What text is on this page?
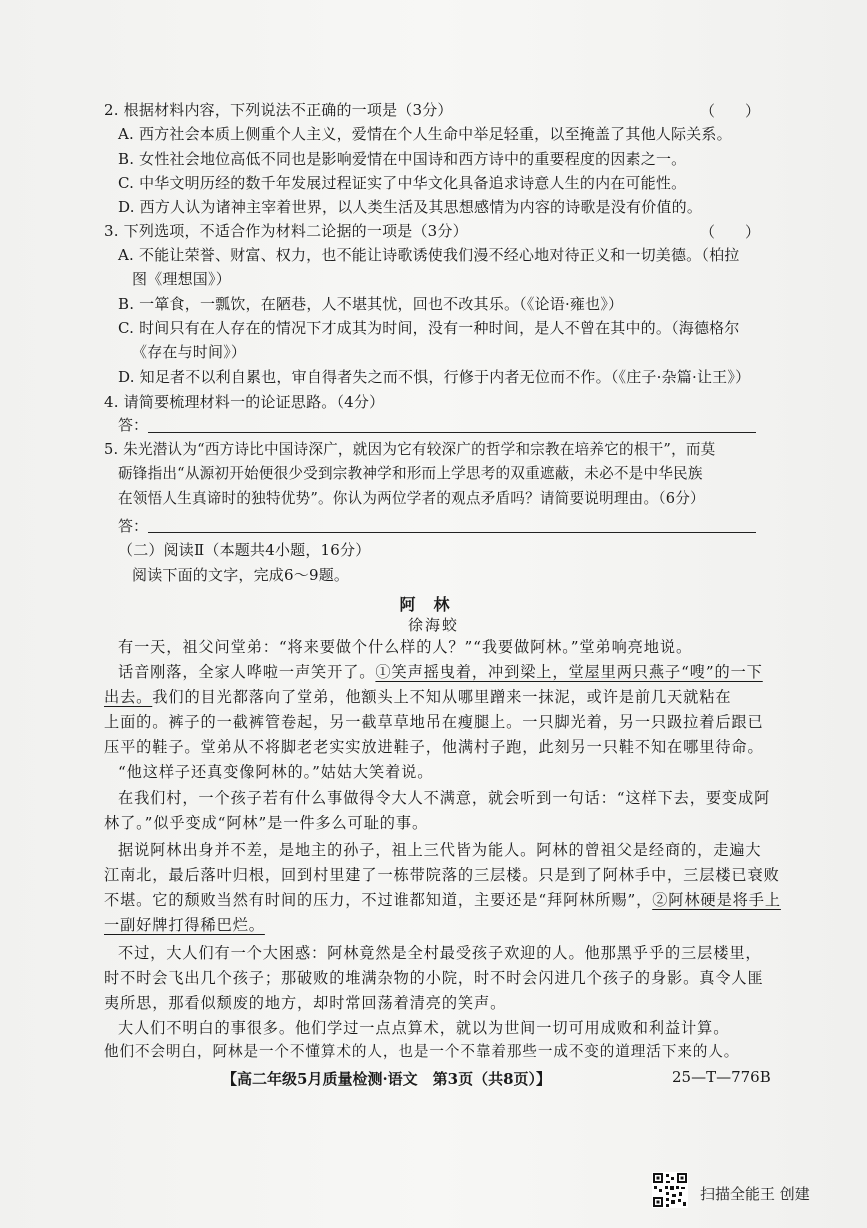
2. 根据材料内容，下列说法不正确的一项是（3分）	（　　）
A. 西方社会本质上侧重个人主义，爱情在个人生命中举足轻重，以至掩盖了其他人际关系。
B. 女性社会地位高低不同也是影响爱情在中国诗和西方诗中的重要程度的因素之一。
C. 中华文明历经的数千年发展过程证实了中华文化具备追求诗意人生的内在可能性。
D. 西方人认为诸神主宰着世界，以人类生活及其思想感情为内容的诗歌是没有价值的。
3. 下列选项，不适合作为材料二论据的一项是（3分）	（　　）
A. 不能让荣誉、财富、权力，也不能让诗歌诱使我们漫不经心地对待正义和一切美德。（柏拉
图《理想国》）
B. 一箪食，一瓢饮，在陋巷，人不堪其忧，回也不改其乐。（《论语·雍也》）
C. 时间只有在人存在的情况下才成其为时间，没有一种时间，是人不曾在其中的。（海德格尔
《存在与时间》）
D. 知足者不以利自累也，审自得者失之而不惧，行修于内者无位而不作。（《庄子·杂篇·让王》）
4. 请简要梳理材料一的论证思路。（4分）
答：
5. 朱光潜认为“西方诗比中国诗深广，就因为它有较深广的哲学和宗教在培养它的根干”，而莫
砺锋指出“从源初开始便很少受到宗教神学和形而上学思考的双重遮蔽，未必不是中华民族
在领悟人生真谛时的独特优势”。你认为两位学者的观点矛盾吗？请简要说明理由。（6分）
答：
（二）阅读Ⅱ（本题共4小题，16分）
阅读下面的文字，完成6～9题。
阿林
徐海蛟
有一天，祖父问堂弟：“将来要做个什么样的人？”“我要做阿林。”堂弟响亮地说。
话音刚落，全家人哗啦一声笑开了。①笑声摇曳着，冲到梁上，堂屋里两只燕子“嗖”的一下
出去。我们的目光都落向了堂弟，他额头上不知从哪里蹭来一抹泥，或许是前几天就粘在
上面的。裤子的一截裤管卷起，另一截草草地吊在瘦腿上。一只脚光着，另一只趿拉着后跟已
压平的鞋子。堂弟从不将脚老老实实放进鞋子，他满村子跑，此刻另一只鞋不知在哪里待命。
“他这样子还真变像阿林的。”姑姑大笑着说。
在我们村，一个孩子若有什么事做得令大人不满意，就会听到一句话：“这样下去，要变成阿
林了。”似乎变成“阿林”是一件多么可耻的事。
据说阿林出身并不差，是地主的孙子，祖上三代皆为能人。阿林的曾祖父是经商的，走遍大
江南北，最后落叶归根，回到村里建了一栋带院落的三层楼。只是到了阿林手中，三层楼已衰败
不堪。它的颓败当然有时间的压力，不过谁都知道，主要还是“拜阿林所赐”，②阿林硬是将手上
一副好牌打得稀巴烂。
不过，大人们有一个大困惑：阿林竟然是全村最受孩子欢迎的人。他那黑乎乎的三层楼里，
时不时会飞出几个孩子；那破败的堆满杂物的小院，时不时会闪进几个孩子的身影。真令人匪
夷所思，那看似颓废的地方，却时常回荡着清亮的笑声。
大人们不明白的事很多。他们学过一点点算术，就以为世间一切可用成败和利益计算。
他们不会明白，阿林是一个不懂算术的人，也是一个不靠着那些一成不变的道理活下来的人。
【高二年级5月质量检测·语文　第3页（共8页）】	25—T—776B
扫描全能王 创建
